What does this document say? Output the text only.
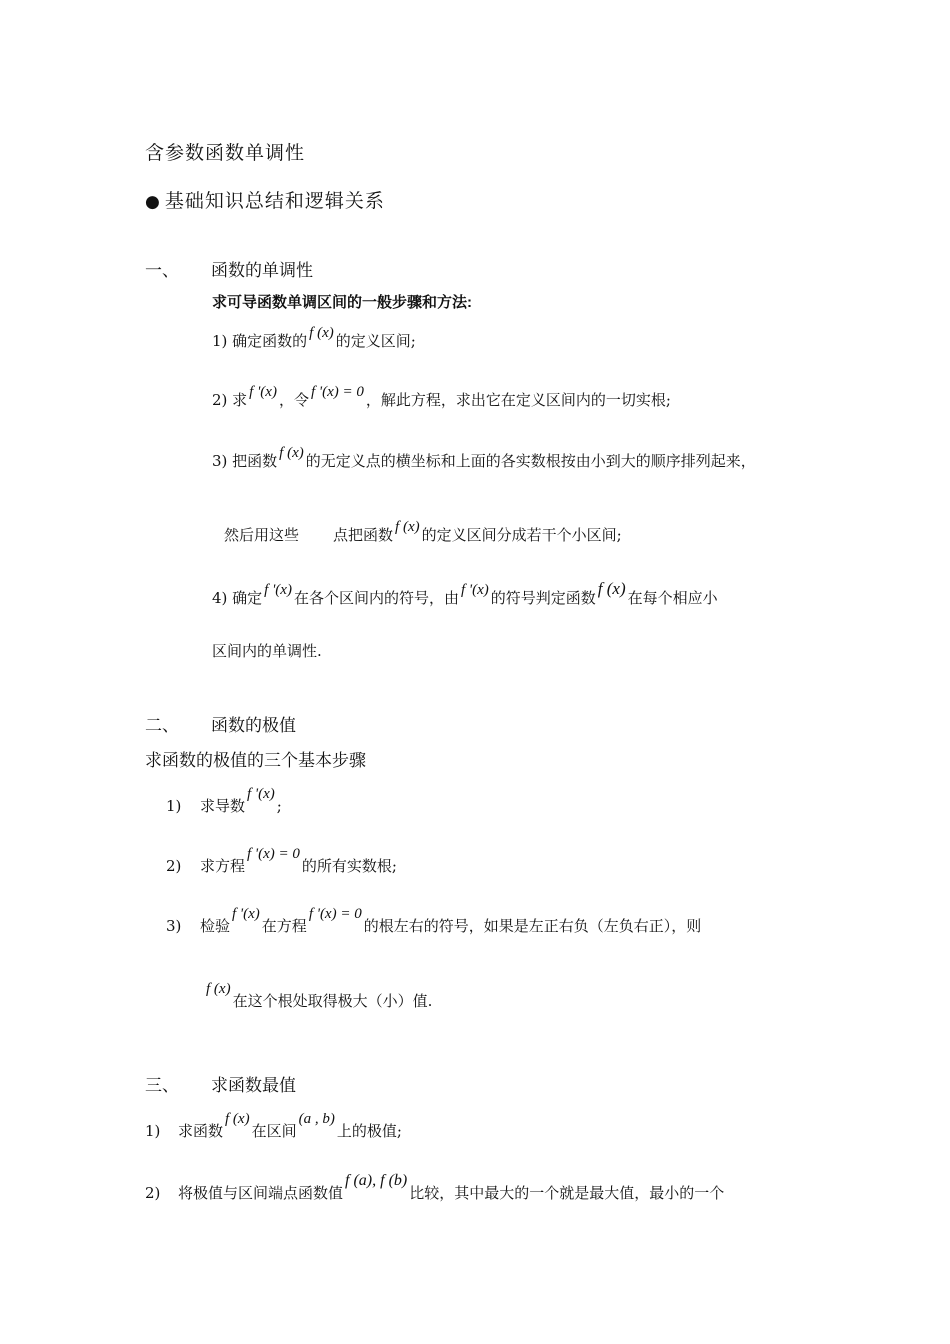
含参数函数单调性
● 基础知识总结和逻辑关系
一、 函数的单调性
求可导函数单调区间的一般步骤和方法:
1) 确定函数的 f (x) 的定义区间;
2) 求 f '(x) ，令 f '(x) = 0 ，解此方程，求出它在定义区间内的一切实根;
3) 把函数 f (x) 的无定义点的横坐标和上面的各实数根按由小到大的顺序排列起来，
然后用这些 点把函数 f (x) 的定义区间分成若干个小区间;
4) 确定 f '(x) 在各个区间内的符号，由 f '(x) 的符号判定函数 f (x) 在每个相应小
区间内的单调性.
二、 函数的极值
求函数的极值的三个基本步骤
1) 求导数f '(x);
2) 求方程f '(x) = 0的所有实数根;
3) 检验f '(x)在方程f '(x) = 0的根左右的符号，如果是左正右负（左负右正），则
f (x)在这个根处取得极大（小）值.
三、 求函数最值
1) 求函数f (x)在区间(a , b)上的极值;
2) 将极值与区间端点函数值f (a), f (b)比较，其中最大的一个就是最大值，最小的一个
